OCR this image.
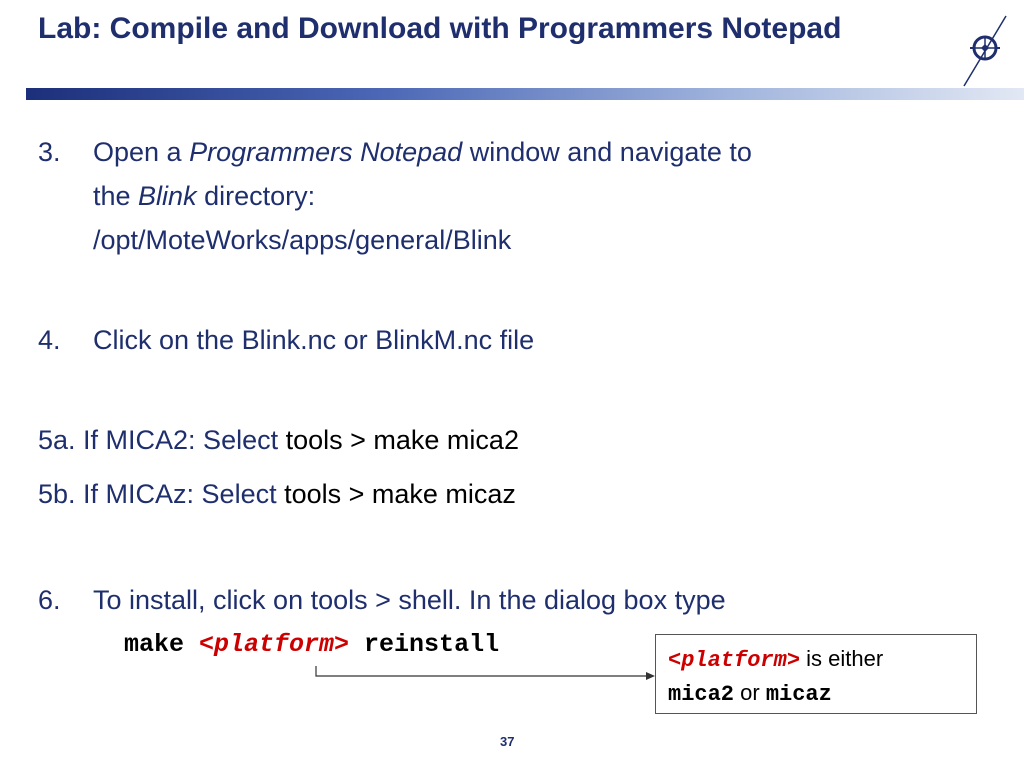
Lab: Compile and Download with Programmers Notepad
3. Open a Programmers Notepad window and navigate to
the Blink directory:
/opt/MoteWorks/apps/general/Blink
4. Click on the Blink.nc or BlinkM.nc file
5a. If MICA2: Select tools > make mica2
5b. If MICAz: Select tools > make micaz
6. To install, click on tools > shell. In the dialog box type
make <platform> reinstall
<platform> is either
mica2 or micaz
37
